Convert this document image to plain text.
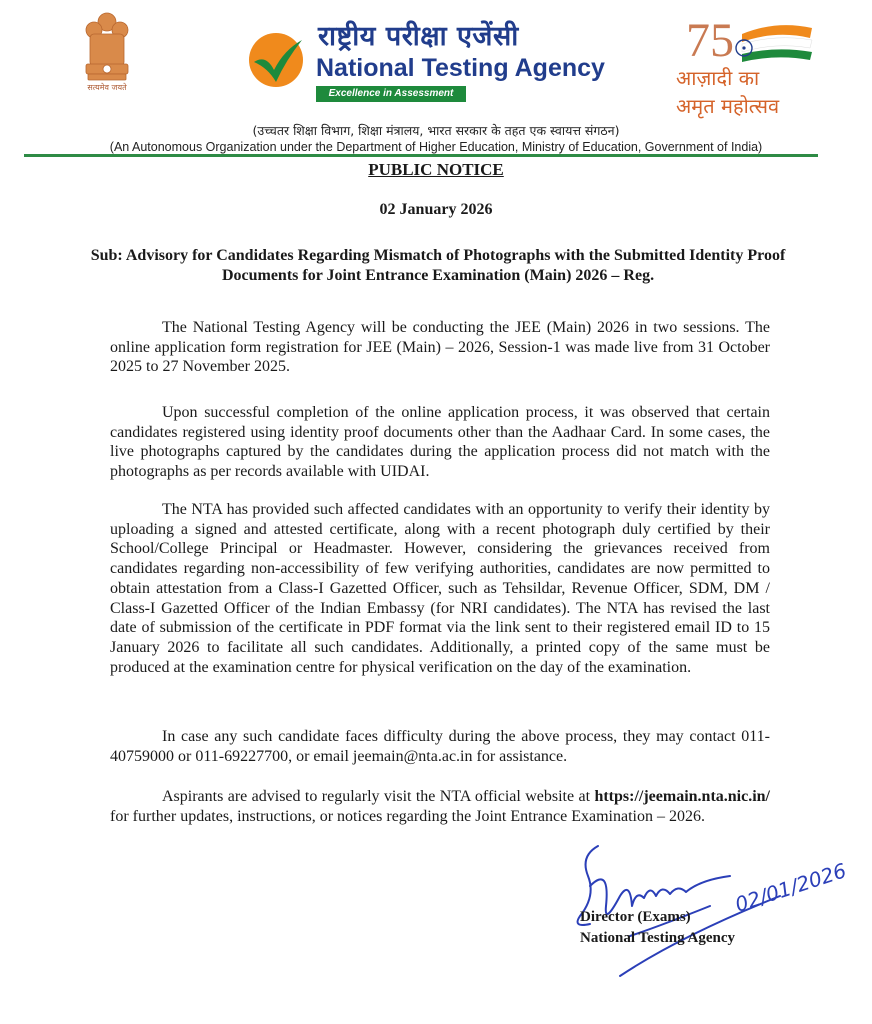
सत्यमेव जयते
राष्ट्रीय परीक्षा एजेंसी
National Testing Agency
Excellence in Assessment
75
आज़ादी का
अमृत महोत्सव
(उच्चतर शिक्षा विभाग, शिक्षा मंत्रालय, भारत सरकार के तहत एक स्वायत्त संगठन)
(An Autonomous Organization under the Department of Higher Education, Ministry of Education, Government of India)
PUBLIC NOTICE
02 January 2026
Sub: Advisory for Candidates Regarding Mismatch of Photographs with the Submitted Identity Proof Documents for Joint Entrance Examination (Main) 2026 – Reg.
The National Testing Agency will be conducting the JEE (Main) 2026 in two sessions. The online application form registration for JEE (Main) – 2026, Session-1 was made live from 31 October 2025 to 27 November 2025.
Upon successful completion of the online application process, it was observed that certain candidates registered using identity proof documents other than the Aadhaar Card. In some cases, the live photographs captured by the candidates during the application process did not match with the photographs as per records available with UIDAI.
The NTA has provided such affected candidates with an opportunity to verify their identity by uploading a signed and attested certificate, along with a recent photograph duly certified by their School/College Principal or Headmaster. However, considering the grievances received from candidates regarding non-accessibility of few verifying authorities, candidates are now permitted to obtain attestation from a Class-I Gazetted Officer, such as Tehsildar, Revenue Officer, SDM, DM / Class-I Gazetted Officer of the Indian Embassy (for NRI candidates). The NTA has revised the last date of submission of the certificate in PDF format via the link sent to their registered email ID to 15 January 2026 to facilitate all such candidates. Additionally, a printed copy of the same must be produced at the examination centre for physical verification on the day of the examination.
In case any such candidate faces difficulty during the above process, they may contact 011-40759000 or 011-69227700, or email jeemain@nta.ac.in for assistance.
Aspirants are advised to regularly visit the NTA official website at https://jeemain.nta.nic.in/ for further updates, instructions, or notices regarding the Joint Entrance Examination – 2026.
02/01/2026
Director (Exams)
National Testing Agency
